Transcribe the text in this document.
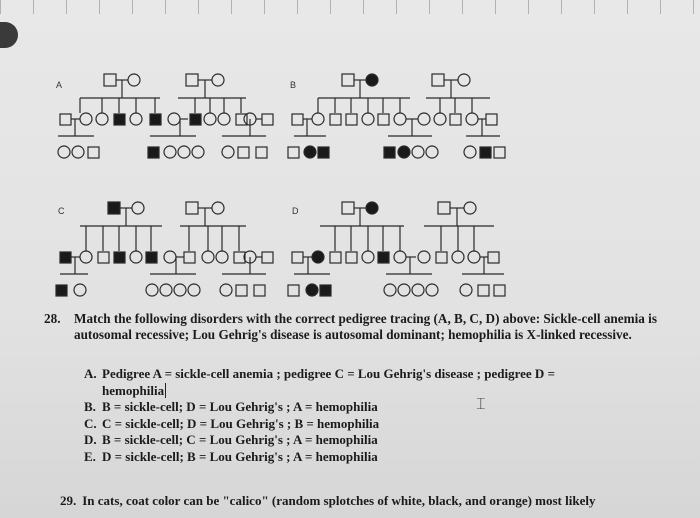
A	B
C	D
28. Match the following disorders with the correct pedigree tracing (A, B, C, D) above: Sickle-cell anemia is autosomal recessive; Lou Gehrig's disease is autosomal dominant; hemophilia is X-linked recessive.
A. Pedigree A = sickle-cell anemia ; pedigree C = Lou Gehrig's disease ; pedigree D =
hemophilia
B. B = sickle-cell; D = Lou Gehrig's ; A = hemophilia
C. C = sickle-cell; D = Lou Gehrig's ; B = hemophilia
D. B = sickle-cell; C = Lou Gehrig's ; A = hemophilia
E. D = sickle-cell; B = Lou Gehrig's ; A = hemophilia
⌶
29. In cats, coat color can be "calico" (random splotches of white, black, and orange) most likely
